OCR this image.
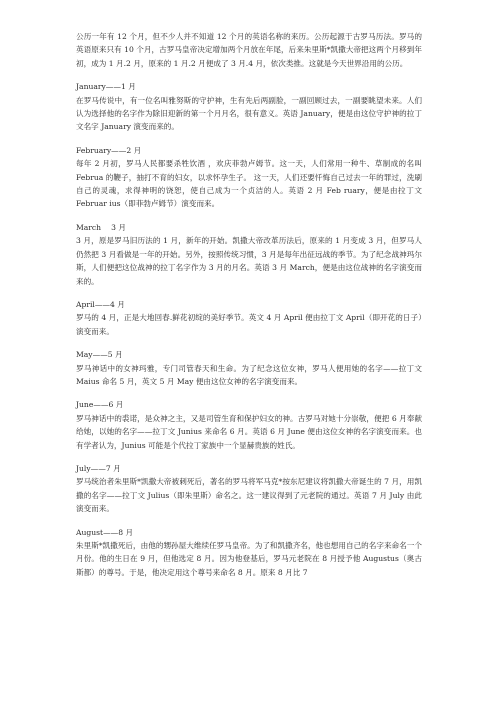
公历一年有 12 个月，但不少人并不知道 12 个月的英语名称的来历。公历起源于古罗马历法。罗马的英语原来只有 10 个月，古罗马皇帝决定增加两个月放在年尾，后来朱里斯*凯撒大帝把这两个月移到年初，成为 1 月.2 月，原来的 1 月.2 月便成了 3 月.4 月，依次类推。这就是今天世界沿用的公历。

January——1 月

在罗马传说中，有一位名叫雅努斯的守护神，生有先后两副脸，一副回顾过去，一副要眺望未来。人们认为选择他的名字作为除旧迎新的第一个月月名，很有意义。英语 January，便是由这位守护神的拉丁文名字 January 演变而来的。

February——2 月

每年 2 月初，罗马人民都要杀牲饮酒 ，欢庆菲勃卢姆节。这一天，人们常用一种牛、草制成的名叫 Februa 的鞭子，抽打不育的妇女，以求怀孕生子。 这一天，人们还要忏悔自己过去一年的罪过，洗刷自己的灵魂，求得神明的饶恕，使自己成为一个贞洁的人。英语 2 月 Feb ruary，便是由拉丁文 Februar ius（即菲勃卢姆节）演变而来。

March　 3 月

3 月，原是罗马旧历法的 1 月，新年的开始。凯撒大帝改革历法后，原来的 1 月变成 3 月，但罗马人仍然把 3 月看做是一年的开始。另外，按照传统习惯，3 月是每年出征远战的季节。为了纪念战神玛尔斯，人们便把这位战神的拉丁名字作为 3 月的月名。英语 3 月 March，便是由这位战神的名字演变而来的。

April——4 月

罗马的 4 月，正是大地回春.鲜花初绽的美好季节。英文 4 月 April 便由拉丁文 April（即开花的日子）演变而来。

May——5 月

罗马神话中的女神玛雅，专门司管春天和生命。为了纪念这位女神，罗马人便用她的名字——拉丁文 Maius 命名 5 月，英文 5 月 May 便由这位女神的名字演变而来。

June——6 月

罗马神话中的裘诺，是众神之主，又是司管生育和保护妇女的神。古罗马对她十分崇敬，便把 6 月奉献给她，以她的名字——拉丁文 Junius 来命名 6 月。英语 6 月 June 便由这位女神的名字演变而来。也有学者认为，Junius 可能是个代拉丁家族中一个显赫贵族的姓氏。

July——7 月

罗马统治者朱里斯*凯撒大帝被刺死后，著名的罗马将军马克*按东尼建议将凯撒大帝诞生的 7 月，用凯撒的名字——拉丁文 Julius（即朱里斯）命名之。这一建议得到了元老院的通过。英语 7 月 July 由此演变而来。

August——8 月

朱里斯*凯撒死后，由他的甥孙屋大维续任罗马皇帝。为了和凯撒齐名，他也想用自己的名字来命名一个月份。他的生日在 9 月，但他选定 8 月。因为他登基后，罗马元老院在 8 月授予他 Augustus（奥古斯都）的尊号。于是，他决定用这个尊号来命名 8 月。原来 8 月比 7
